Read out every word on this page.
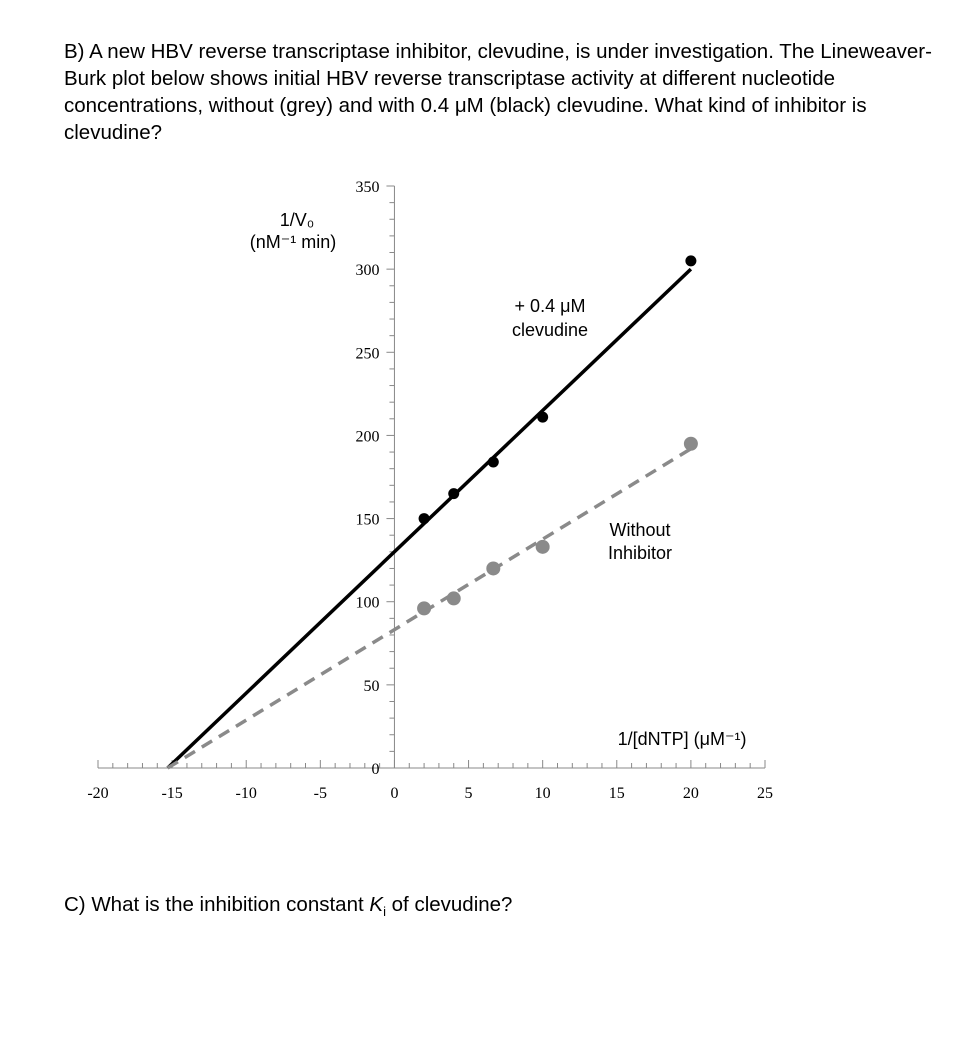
B) A new HBV reverse transcriptase inhibitor, clevudine, is under investigation. The Lineweaver-Burk plot below shows initial HBV reverse transcriptase activity at different nucleotide concentrations, without (grey) and with 0.4 μM (black) clevudine. What kind of inhibitor is clevudine?
-20	-15	-10	-5	0	5	10	15	20	25
0
50
100
150
200
250
300
350
1/V₀
(nM⁻¹ min)
1/[dNTP] (μM⁻¹)
+ 0.4 μM
clevudine
Without
Inhibitor
C) What is the inhibition constant $K_i$ of clevudine?
